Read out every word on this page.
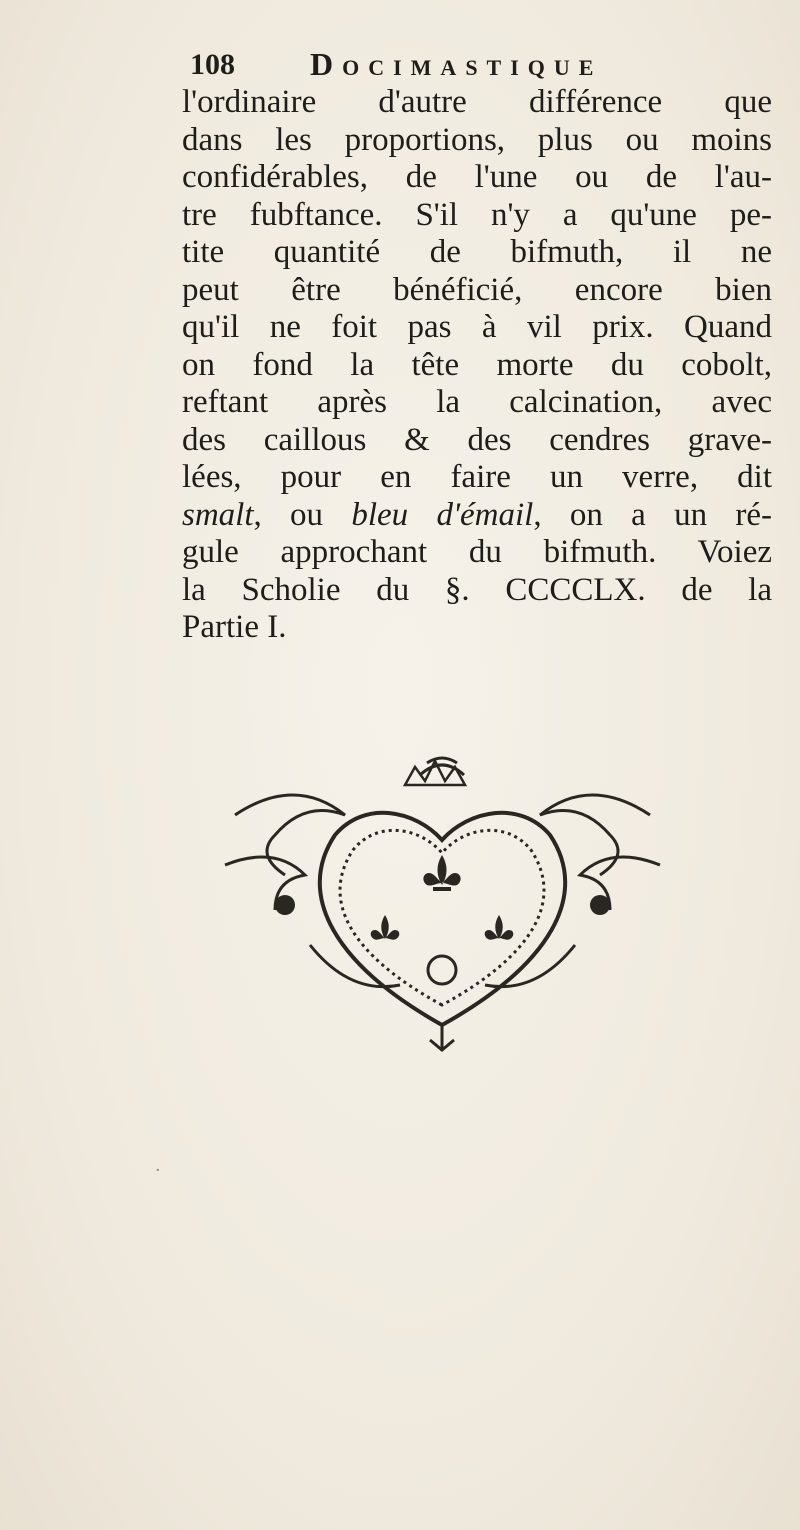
108 Docimastique
l'ordinaire d'autre différence que
dans les proportions, plus ou moins
confidérables, de l'une ou de l'au-
tre fubftance. S'il n'y a qu'une pe-
tite quantité de bifmuth, il ne
peut être bénéficié, encore bien
qu'il ne foit pas à vil prix. Quand
on fond la tête morte du cobolt,
reftant après la calcination, avec
des caillous & des cendres grave-
lées, pour en faire un verre, dit
smalt, ou bleu d'émail, on a un ré-
gule approchant du bifmuth. Voiez
la Scholie du §. CCCCLX. de la
Partie I.
·
